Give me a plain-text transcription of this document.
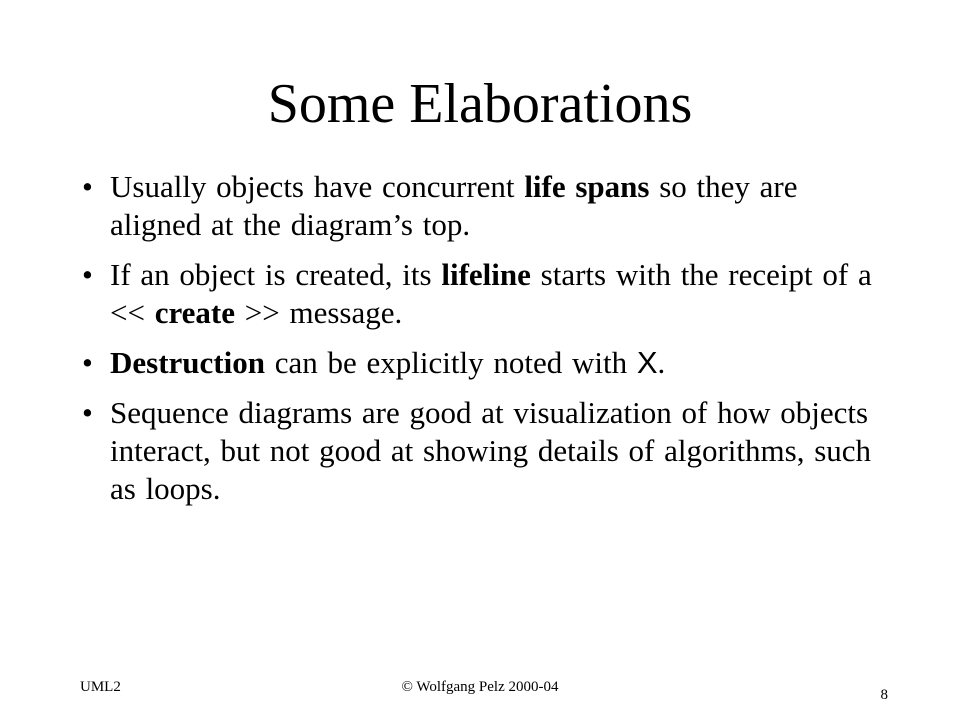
Some Elaborations
• Usually objects have concurrent life spans so they are aligned at the diagram’s top.
• If an object is created, its lifeline starts with the receipt of a << create >> message.
• Destruction can be explicitly noted with X.
• Sequence diagrams are good at visualization of how objects interact, but not good at showing details of algorithms, such as loops.
UML2	© Wolfgang Pelz 2000-04	8
